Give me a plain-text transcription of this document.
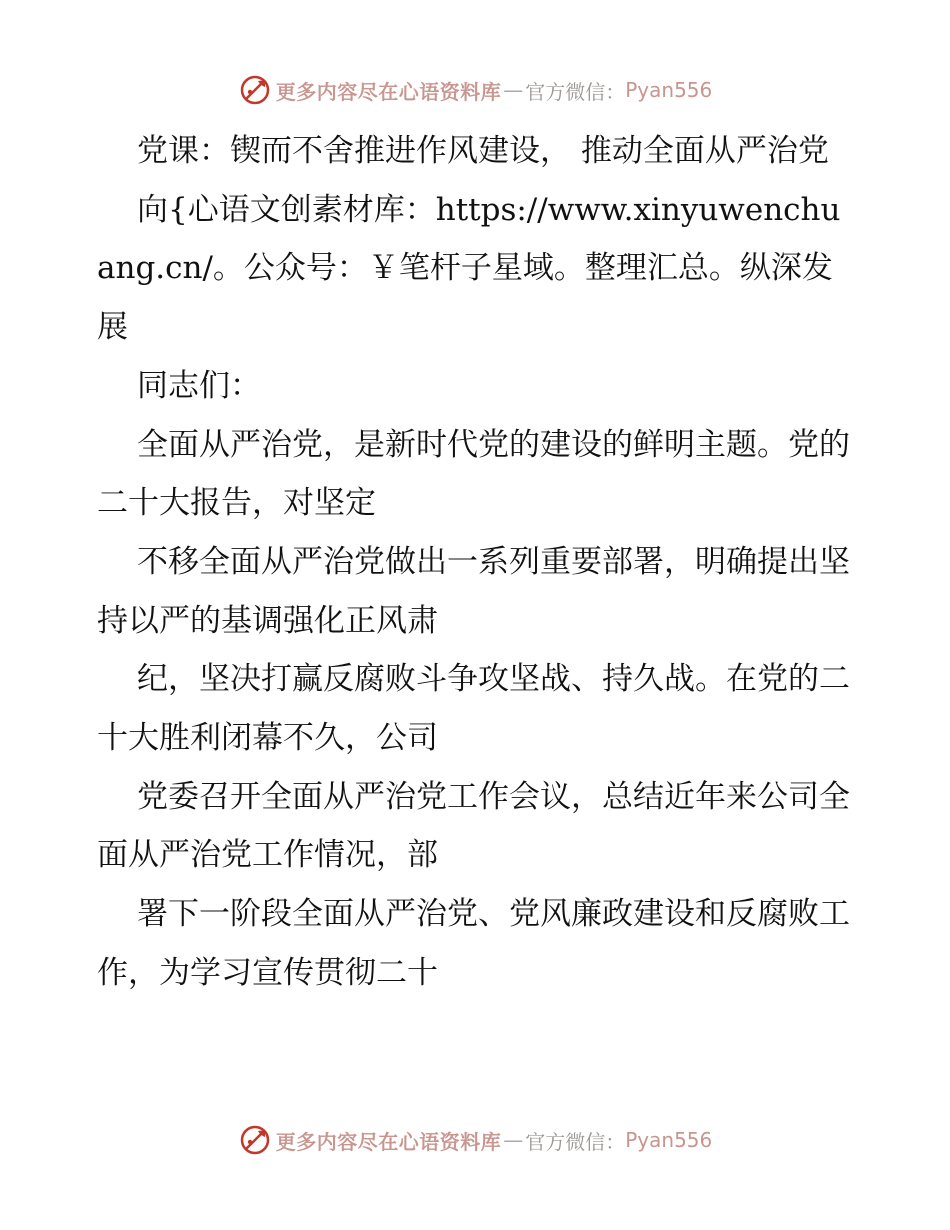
更多内容尽在心语资料库 — 官方微信： Pyan556

党课：锲而不舍推进作风建设， 推动全面从严治党

向{心语文创素材库：https://www.xinyuwenchuang.cn/。公众号：￥笔杆子星域。整理汇总。纵深发展

同志们：

全面从严治党，是新时代党的建设的鲜明主题。党的二十大报告，对坚定

不移全面从严治党做出一系列重要部署，明确提出坚持以严的基调强化正风肃

纪，坚决打赢反腐败斗争攻坚战、持久战。在党的二十大胜利闭幕不久，公司

党委召开全面从严治党工作会议，总结近年来公司全面从严治党工作情况，部

署下一阶段全面从严治党、党风廉政建设和反腐败工作，为学习宣传贯彻二十

更多内容尽在心语资料库 — 官方微信： Pyan556
